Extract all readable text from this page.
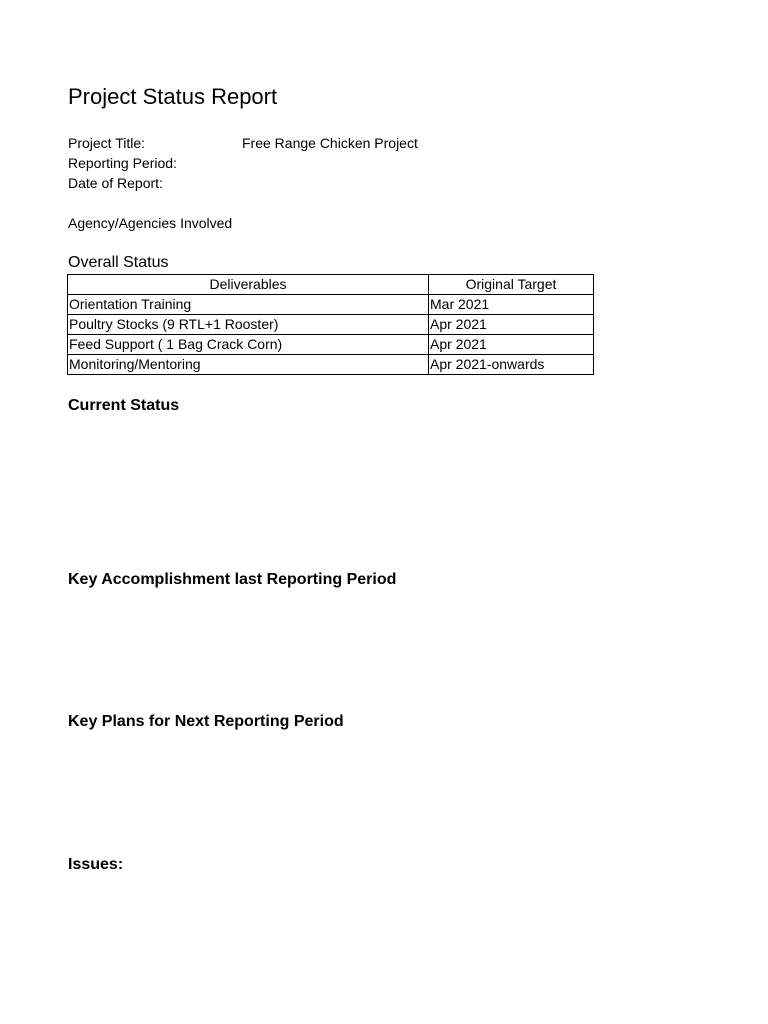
Project Status Report
Project Title:	Free Range Chicken Project
Reporting Period:
Date of Report:
Agency/Agencies Involved
Overall Status
Deliverables	Original Target
Orientation Training	Mar 2021
Poultry Stocks (9 RTL+1 Rooster)	Apr 2021
Feed Support ( 1 Bag Crack Corn)	Apr 2021
Monitoring/Mentoring	Apr 2021-onwards
Current Status
Key Accomplishment last Reporting Period
Key Plans for Next Reporting Period
Issues:
